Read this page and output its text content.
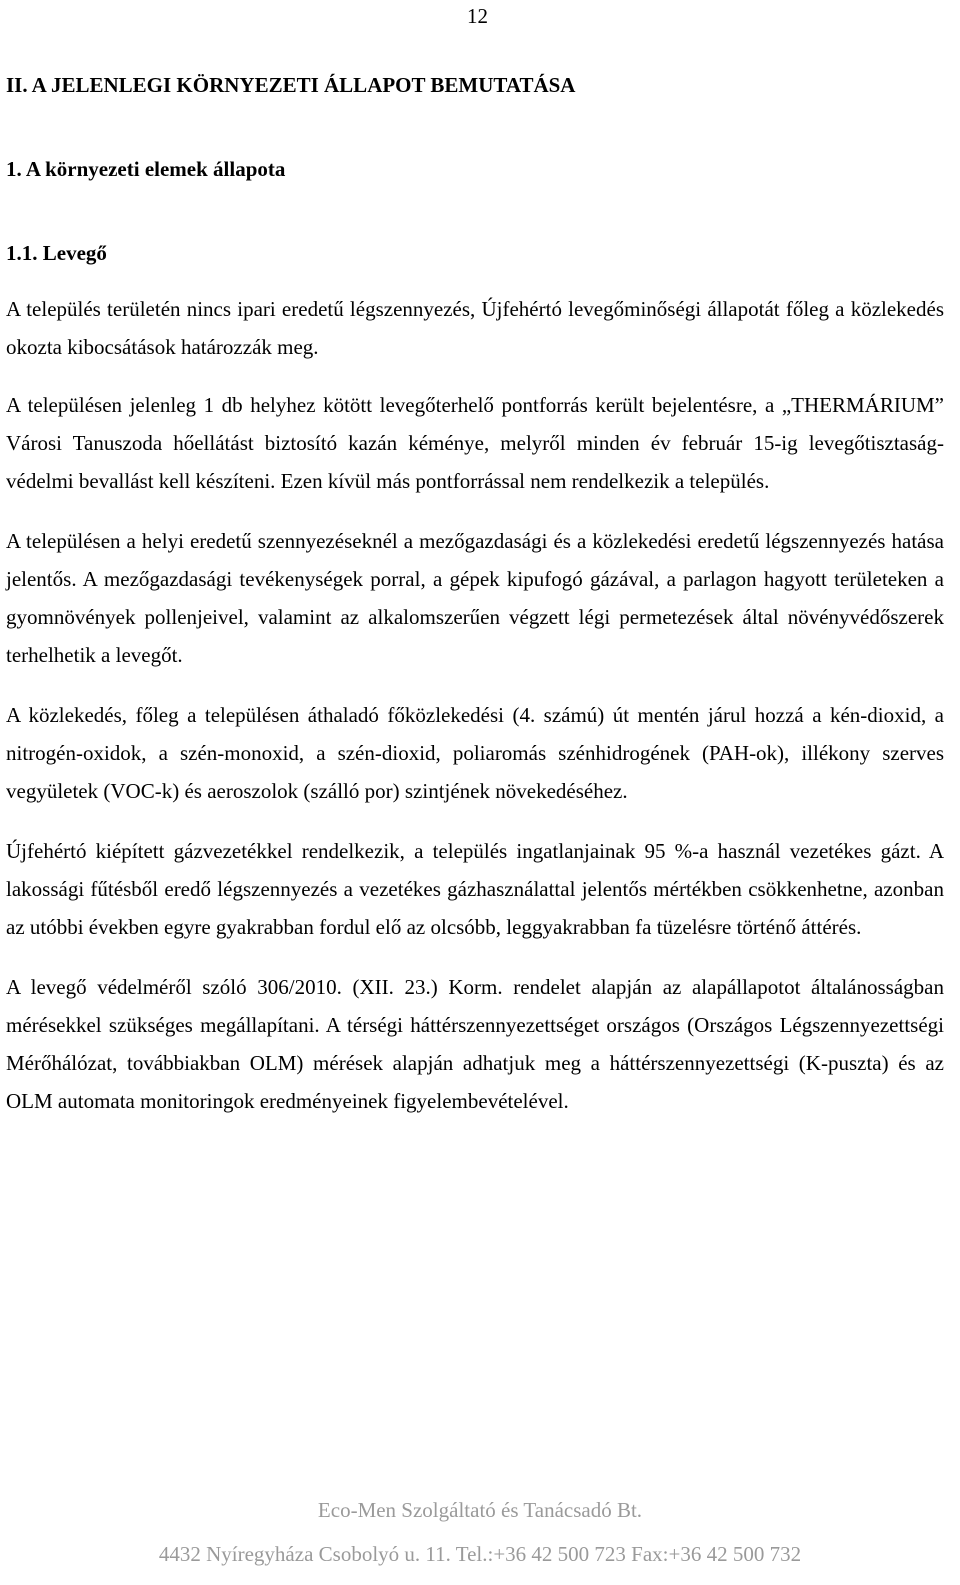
12
II. A JELENLEGI KÖRNYEZETI ÁLLAPOT BEMUTATÁSA
1. A környezeti elemek állapota
1.1. Levegő

A település területén nincs ipari eredetű légszennyezés, Újfehértó levegőminőségi állapotát főleg a közlekedés okozta kibocsátások határozzák meg.

A településen jelenleg 1 db helyhez kötött levegőterhelő pontforrás került bejelentésre, a „THERMÁRIUM” Városi Tanuszoda hőellátást biztosító kazán kéménye, melyről minden év február 15-ig levegőtisztaság-védelmi bevallást kell készíteni. Ezen kívül más pontforrással nem rendelkezik a település.

A településen a helyi eredetű szennyezéseknél a mezőgazdasági és a közlekedési eredetű légszennyezés hatása jelentős. A mezőgazdasági tevékenységek porral, a gépek kipufogó gázával, a parlagon hagyott területeken a gyomnövények pollenjeivel, valamint az alkalomszerűen végzett légi permetezések által növényvédőszerek terhelhetik a levegőt.

A közlekedés, főleg a településen áthaladó főközlekedési (4. számú) út mentén járul hozzá a kén-dioxid, a nitrogén-oxidok, a szén-monoxid, a szén-dioxid, poliaromás szénhidrogének (PAH-ok), illékony szerves vegyületek (VOC-k) és aeroszolok (szálló por) szintjének növekedéséhez.

Újfehértó kiépített gázvezetékkel rendelkezik, a település ingatlanjainak 95 %-a használ vezetékes gázt. A lakossági fűtésből eredő légszennyezés a vezetékes gázhasználattal jelentős mértékben csökkenhetne, azonban az utóbbi években egyre gyakrabban fordul elő az olcsóbb, leggyakrabban fa tüzelésre történő áttérés.

A levegő védelméről szóló 306/2010. (XII. 23.) Korm. rendelet alapján az alapállapotot általánosságban mérésekkel szükséges megállapítani. A térségi háttérszennyezettséget országos (Országos Légszennyezettségi Mérőhálózat, továbbiakban OLM) mérések alapján adhatjuk meg a háttérszennyezettségi (K-puszta) és az OLM automata monitoringok eredményeinek figyelembevételével.

Eco-Men Szolgáltató és Tanácsadó Bt.
4432 Nyíregyháza Csobolyó u. 11. Tel.:+36 42 500 723 Fax:+36 42 500 732
